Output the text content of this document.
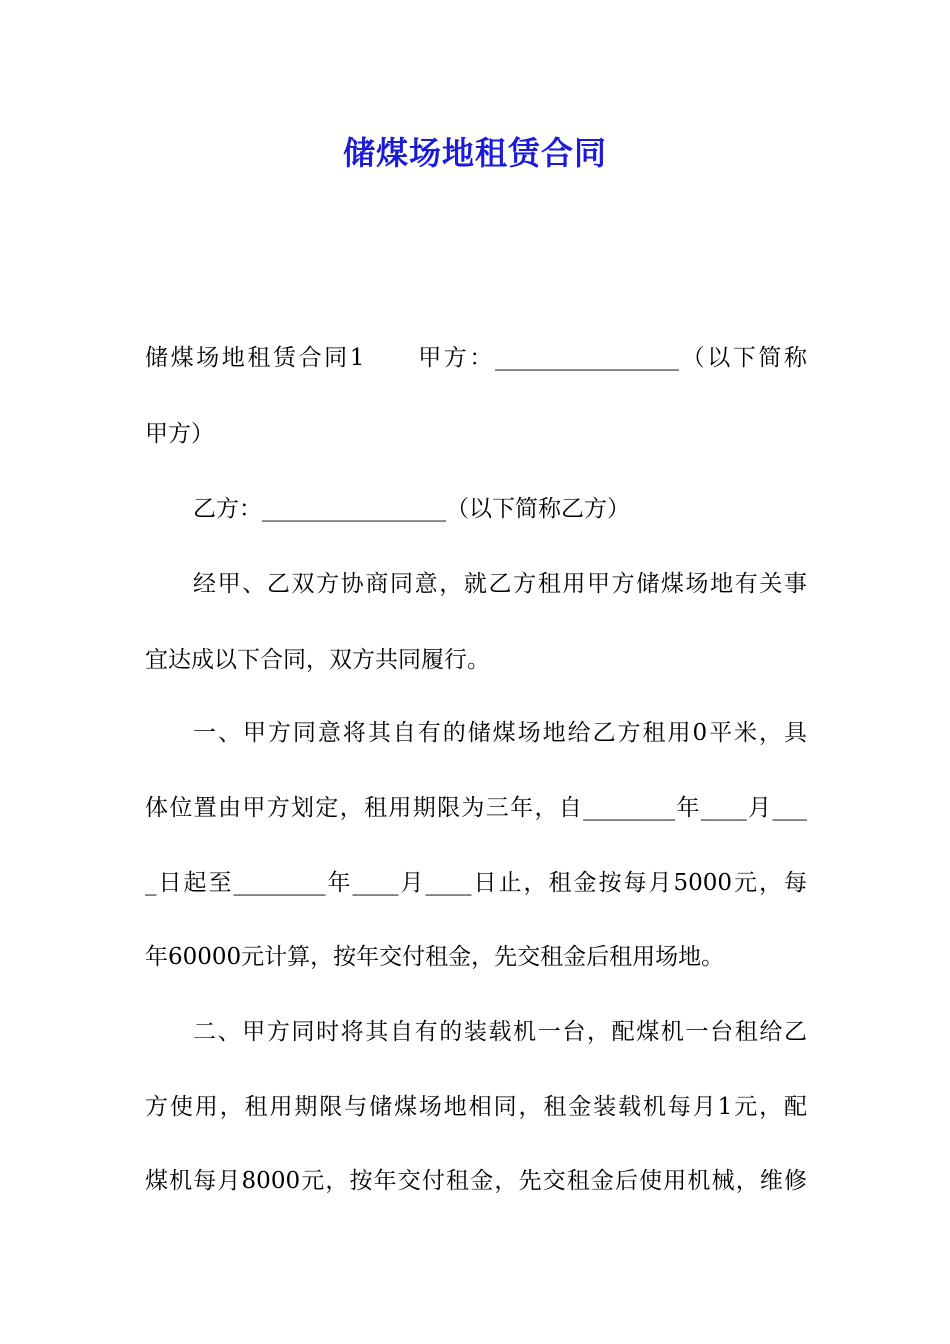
储煤场地租赁合同
储煤场地租赁合同1　　甲方：________________（以下简称
甲方）
乙方：________________（以下简称乙方）
经甲、乙双方协商同意，就乙方租用甲方储煤场地有关事
宜达成以下合同，双方共同履行。
一、甲方同意将其自有的储煤场地给乙方租用0平米，具
体位置由甲方划定，租用期限为三年，自________年____月___
_日起至________年____月____日止，租金按每月5000元，每
年60000元计算，按年交付租金，先交租金后租用场地。
二、甲方同时将其自有的装载机一台，配煤机一台租给乙
方使用，租用期限与储煤场地相同，租金装载机每月1元，配
煤机每月8000元，按年交付租金，先交租金后使用机械，维修
